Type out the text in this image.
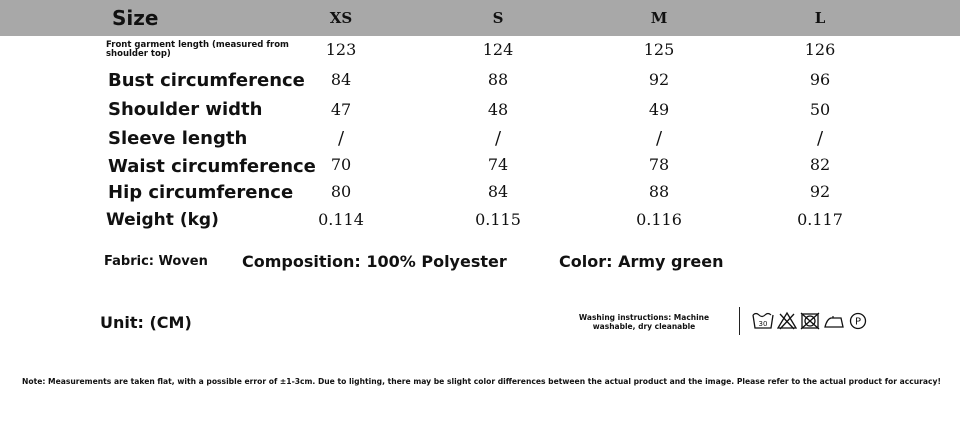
Size	XS	S	M	L
Front garment length (measured from shoulder top)	123	124	125	126
Bust circumference 84	88	92	96
Shoulder width	47	48	49	50
Sleeve length	/	/	/	/
Waist circumference 70	74	78	82
Hip circumference 80	84	88	92
Weight (kg)	0.114	0.115	0.116	0.117
Fabric: Woven Composition: 100% Polyester	Color: Army green
Unit: (CM)	Washing instructions: Machine washable, dry cleanable	30	P
Note: Measurements are taken flat, with a possible error of ±1-3cm. Due to lighting, there may be slight color differences between the actual product and the image. Please refer to the actual product for accuracy!
